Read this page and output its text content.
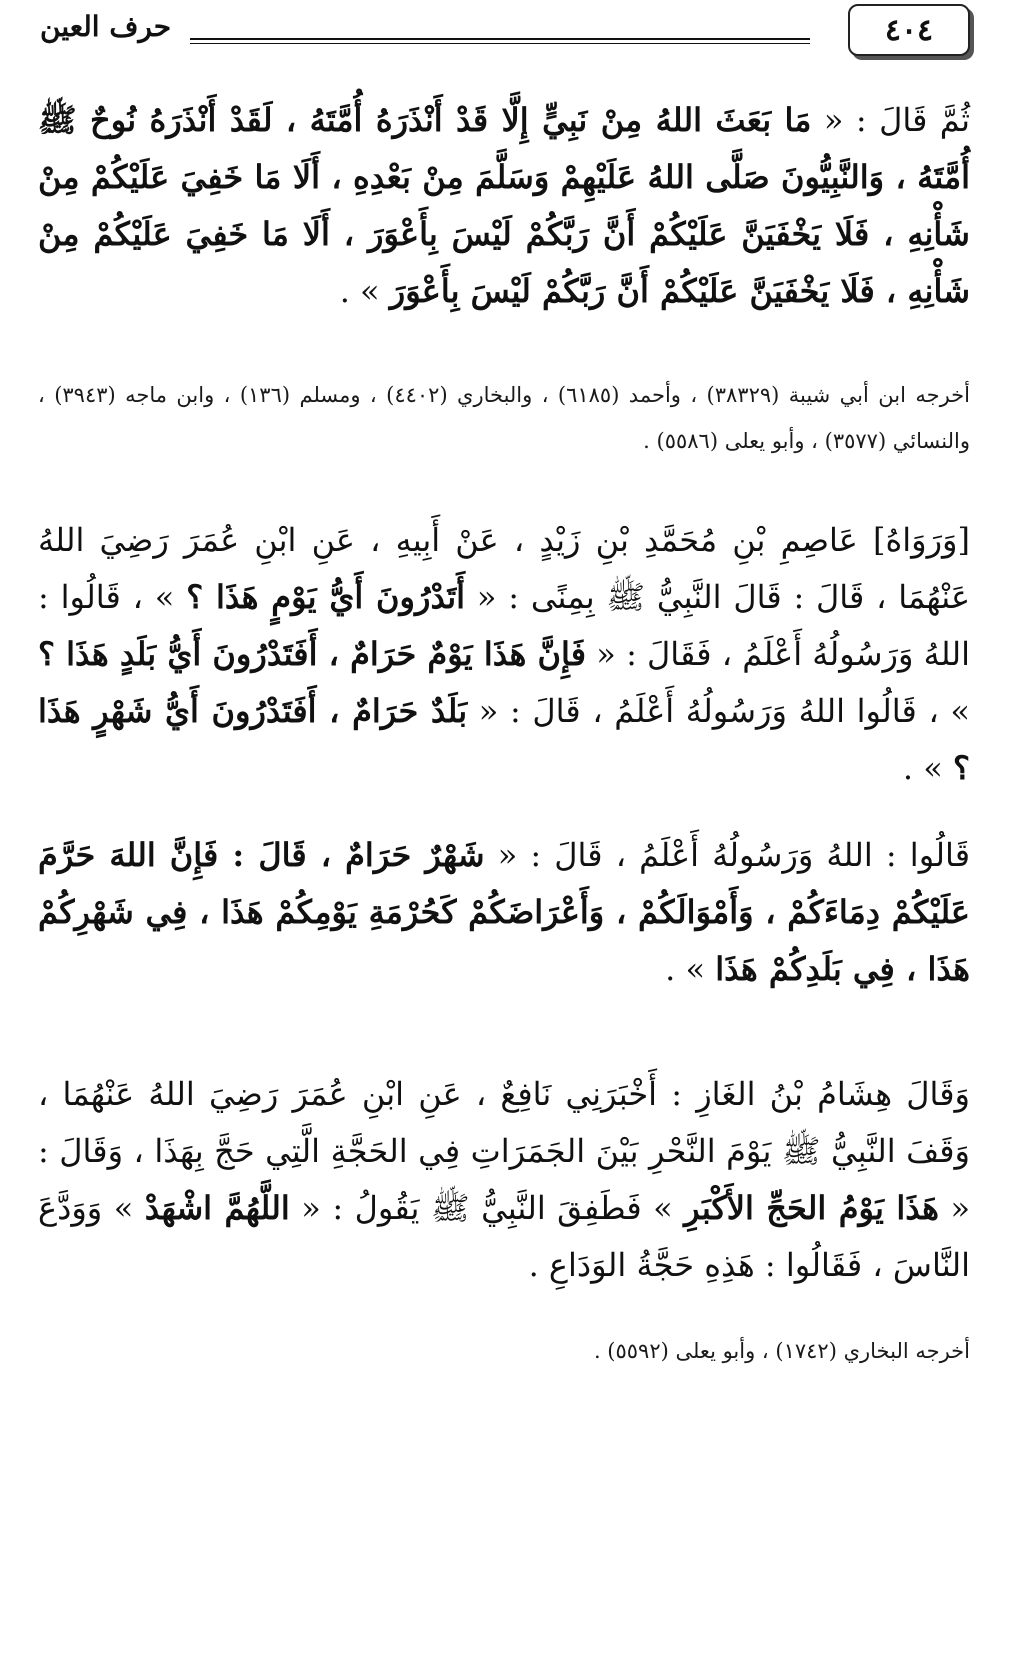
٤٠٤
حرف العين
ثُمَّ قَالَ : « مَا بَعَثَ اللهُ مِنْ نَبِيٍّ إِلَّا قَدْ أَنْذَرَهُ أُمَّتَهُ ، لَقَدْ أَنْذَرَهُ نُوحٌ ﷺ أُمَّتَهُ ، وَالنَّبِيُّونَ صَلَّى اللهُ عَلَيْهِمْ وَسَلَّمَ مِنْ بَعْدِهِ ، أَلَا مَا خَفِيَ عَلَيْكُمْ مِنْ شَأْنِهِ ، فَلَا يَخْفَيَنَّ عَلَيْكُمْ أَنَّ رَبَّكُمْ لَيْسَ بِأَعْوَرَ ، أَلَا مَا خَفِيَ عَلَيْكُمْ مِنْ شَأْنِهِ ، فَلَا يَخْفَيَنَّ عَلَيْكُمْ أَنَّ رَبَّكُمْ لَيْسَ بِأَعْوَرَ » .
أخرجه ابن أبي شيبة (٣٨٣٢٩) ، وأحمد (٦١٨٥) ، والبخاري (٤٤٠٢) ، ومسلم (١٣٦) ، وابن ماجه (٣٩٤٣) ، والنسائي (٣٥٧٧) ، وأبو يعلى (٥٥٨٦) .
[وَرَوَاهُ] عَاصِمِ بْنِ مُحَمَّدِ بْنِ زَيْدٍ ، عَنْ أَبِيهِ ، عَنِ ابْنِ عُمَرَ رَضِيَ اللهُ عَنْهُمَا ، قَالَ : قَالَ النَّبِيُّ ﷺ بِمِنًى : « أَتَدْرُونَ أَيُّ يَوْمٍ هَذَا ؟ » ، قَالُوا : اللهُ وَرَسُولُهُ أَعْلَمُ ، فَقَالَ : « فَإِنَّ هَذَا يَوْمٌ حَرَامٌ ، أَفَتَدْرُونَ أَيُّ بَلَدٍ هَذَا ؟ » ، قَالُوا اللهُ وَرَسُولُهُ أَعْلَمُ ، قَالَ : « بَلَدٌ حَرَامٌ ، أَفَتَدْرُونَ أَيُّ شَهْرٍ هَذَا ؟ » .
قَالُوا : اللهُ وَرَسُولُهُ أَعْلَمُ ، قَالَ : « شَهْرٌ حَرَامٌ ، قَالَ : فَإِنَّ اللهَ حَرَّمَ عَلَيْكُمْ دِمَاءَكُمْ ، وَأَمْوَالَكُمْ ، وَأَعْرَاضَكُمْ كَحُرْمَةِ يَوْمِكُمْ هَذَا ، فِي شَهْرِكُمْ هَذَا ، فِي بَلَدِكُمْ هَذَا » .
وَقَالَ هِشَامُ بْنُ الغَازِ : أَخْبَرَنِي نَافِعٌ ، عَنِ ابْنِ عُمَرَ رَضِيَ اللهُ عَنْهُمَا ، وَقَفَ النَّبِيُّ ﷺ يَوْمَ النَّحْرِ بَيْنَ الجَمَرَاتِ فِي الحَجَّةِ الَّتِي حَجَّ بِهَذَا ، وَقَالَ : « هَذَا يَوْمُ الحَجِّ الأَكْبَرِ » فَطَفِقَ النَّبِيُّ ﷺ يَقُولُ : « اللَّهُمَّ اشْهَدْ » وَوَدَّعَ النَّاسَ ، فَقَالُوا : هَذِهِ حَجَّةُ الوَدَاعِ .
أخرجه البخاري (١٧٤٢) ، وأبو يعلى (٥٥٩٢) .
